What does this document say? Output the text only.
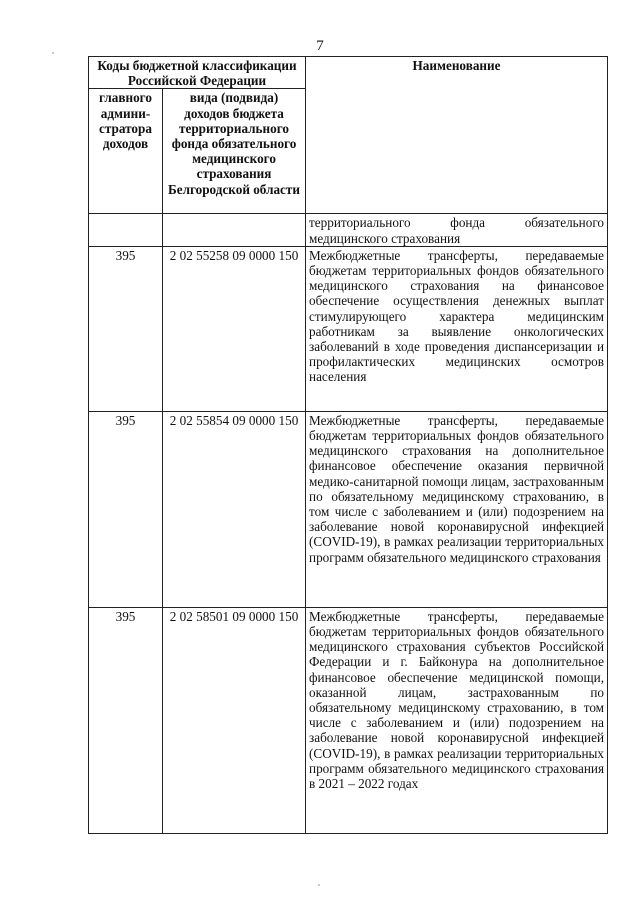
7
Коды бюджетной классификации Российской Федерации		Наименование
главного админи-стратора доходов	вида (подвида) доходов бюджета территориального фонда обязательного медицинского страхования Белгородской области	
		территориального фонда обязательного медицинского страхования
395	2 02 55258 09 0000 150	Межбюджетные трансферты, передаваемые бюджетам территориальных фондов обязательного медицинского страхования на финансовое обеспечение осуществления денежных выплат стимулирующего характера медицинским работникам за выявление онкологических заболеваний в ходе проведения диспансеризации и профилактических медицинских осмотров населения
395	2 02 55854 09 0000 150	Межбюджетные трансферты, передаваемые бюджетам территориальных фондов обязательного медицинского страхования на дополнительное финансовое обеспечение оказания первичной медико-санитарной помощи лицам, застрахованным по обязательному медицинскому страхованию, в том числе с заболеванием и (или) подозрением на заболевание новой коронавирусной инфекцией (COVID-19), в рамках реализации территориальных программ обязательного медицинского страхования
395	2 02 58501 09 0000 150	Межбюджетные трансферты, передаваемые бюджетам территориальных фондов обязательного медицинского страхования субъектов Российской Федерации и г. Байконура на дополнительное финансовое обеспечение медицинской помощи, оказанной лицам, застрахованным по обязательному медицинскому страхованию, в том числе с заболеванием и (или) подозрением на заболевание новой коронавирусной инфекцией (COVID-19), в рамках реализации территориальных программ обязательного медицинского страхования в 2021 – 2022 годах
